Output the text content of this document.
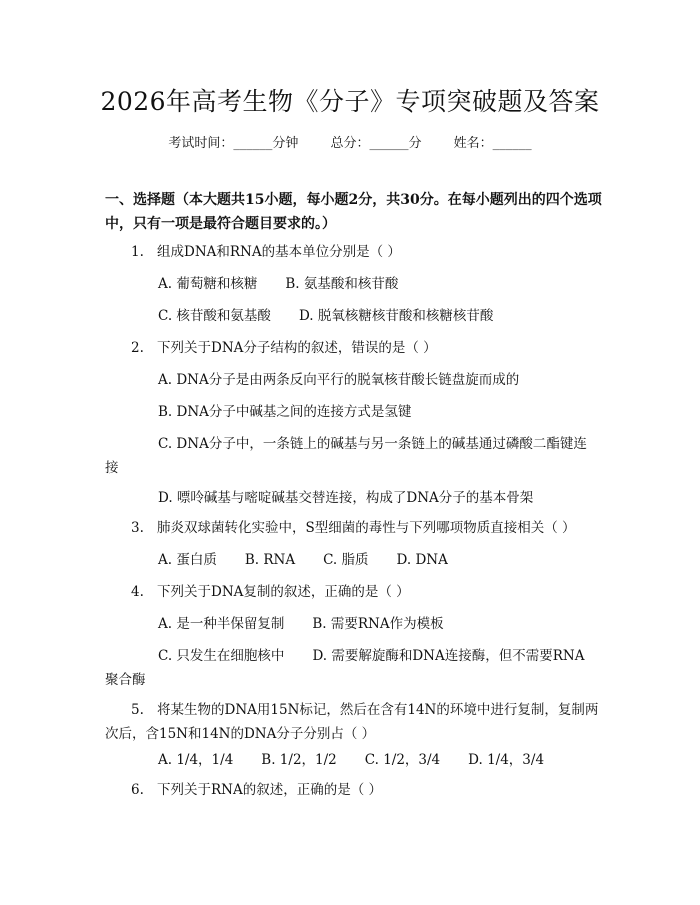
2026年高考生物《分子》专项突破题及答案
考试时间：______分钟 总分：______分 姓名：______
一、选择题（本大题共15小题，每小题2分，共30分。在每小题列出的四个选项中，只有一项是最符合题目要求的。）
1. 组成DNA和RNA的基本单位分别是（ ）
A. 葡萄糖和核糖 B. 氨基酸和核苷酸
C. 核苷酸和氨基酸 D. 脱氧核糖核苷酸和核糖核苷酸
2. 下列关于DNA分子结构的叙述，错误的是（ ）
A. DNA分子是由两条反向平行的脱氧核苷酸长链盘旋而成的
B. DNA分子中碱基之间的连接方式是氢键
C. DNA分子中，一条链上的碱基与另一条链上的碱基通过磷酸二酯键连
接
D. 嘌呤碱基与嘧啶碱基交替连接，构成了DNA分子的基本骨架
3. 肺炎双球菌转化实验中，S型细菌的毒性与下列哪项物质直接相关（ ）
A. 蛋白质 B. RNA C. 脂质 D. DNA
4. 下列关于DNA复制的叙述，正确的是（ ）
A. 是一种半保留复制 B. 需要RNA作为模板
C. 只发生在细胞核中 D. 需要解旋酶和DNA连接酶，但不需要RNA
聚合酶
5. 将某生物的DNA用15N标记，然后在含有14N的环境中进行复制，复制两次后，含15N和14N的DNA分子分别占（ ）
A. 1/4，1/4 B. 1/2，1/2 C. 1/2，3/4 D. 1/4，3/4
6. 下列关于RNA的叙述，正确的是（ ）
